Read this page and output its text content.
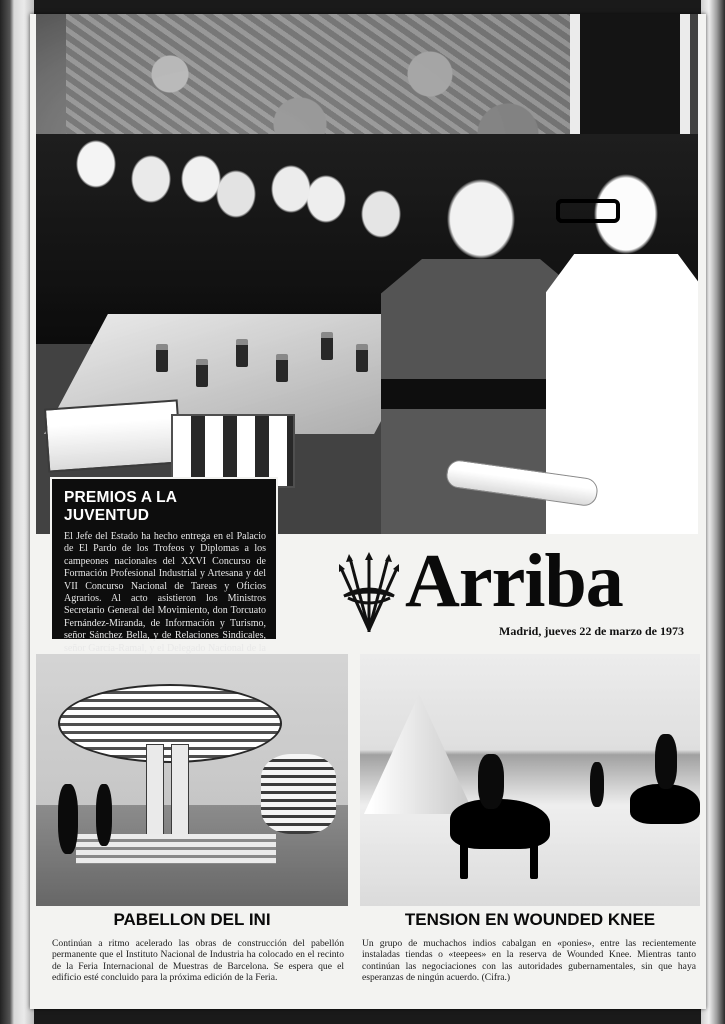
PREMIOS A LA JUVENTUD

El Jefe del Estado ha hecho entrega en el Palacio de El Pardo de los Trofeos y Diplomas a los campeones nacionales del XXVI Concurso de Formación Profesional Industrial y Artesana y del VII Concurso Nacional de Tareas y Oficios Agrarios. Al acto asistieron los Ministros Secretario General del Movimiento, don Torcuato Fernández-Miranda, de Información y Turismo, señor Sánchez Bella, y de Relaciones Sindicales, señor García-Ramal, y el Delegado Nacional de la

Arriba
Madrid, jueves 22 de marzo de 1973
PABELLON DEL INI

Continúan a ritmo acelerado las obras de construcción del pabellón permanente que el Instituto Nacional de Industria ha colocado en el recinto de la Feria Internacional de Muestras de Barcelona. Se espera que el edificio esté concluido para la próxima edición de la Feria.

TENSION EN WOUNDED KNEE

Un grupo de muchachos indios cabalgan en «ponies», entre las recientemente instaladas tiendas o «teepees» en la reserva de Wounded Knee. Mientras tanto continúan las negociaciones con las autoridades gubernamentales, sin que haya esperanzas de ningún acuerdo. (Cifra.)
